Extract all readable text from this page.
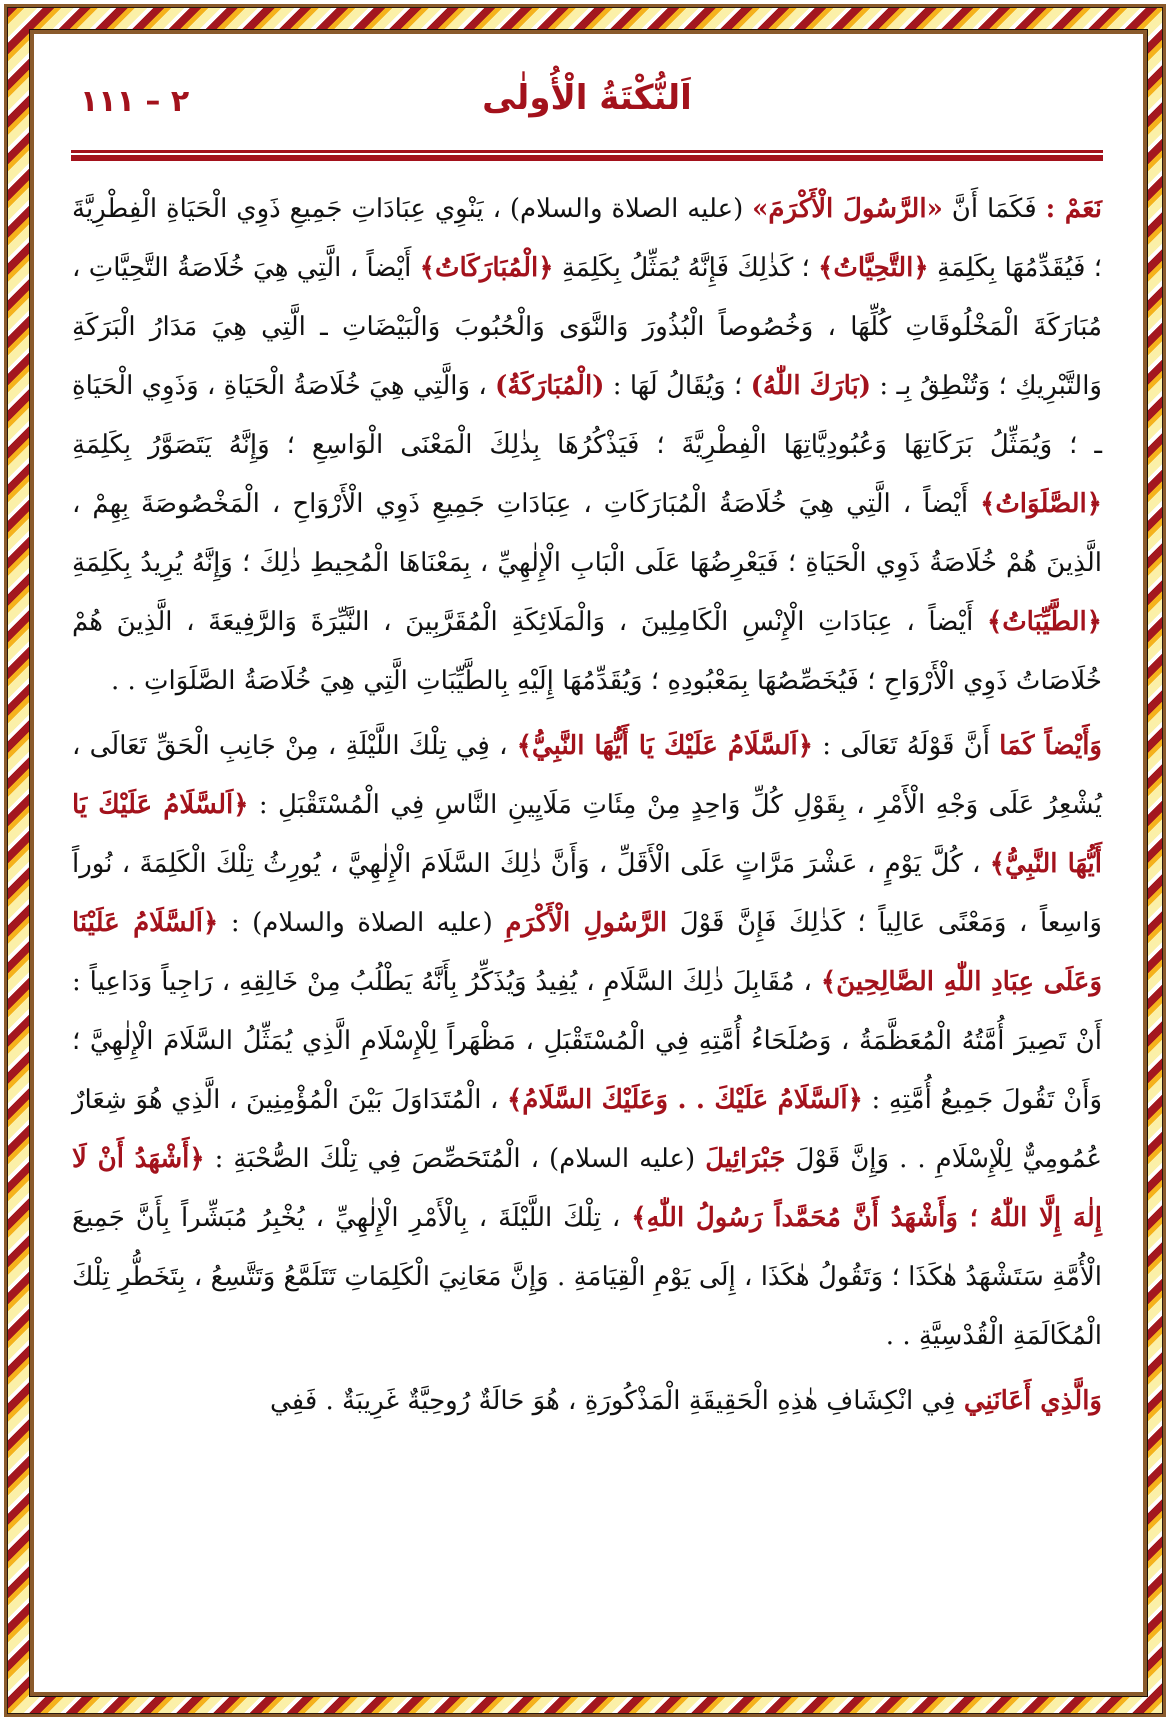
اَلنُّكْتَةُ الْأُولٰى
٢ – ١١١

نَعَمْ : فَكَمَا أَنَّ «الرَّسُولَ الْأَكْرَمَ» (عليه الصلاة والسلام) ، يَنْوِي عِبَادَاتِ جَمِيعِ ذَوِي الْحَيَاةِ الْفِطْرِيَّةَ ؛ فَيُقَدِّمُهَا بِكَلِمَةِ ﴿التَّحِيَّاتُ﴾ ؛ كَذٰلِكَ فَإِنَّهُ يُمَثِّلُ بِكَلِمَةِ ﴿الْمُبَارَكَاتُ﴾ أَيْضاً ، الَّتِي هِيَ خُلَاصَةُ التَّحِيَّاتِ ، مُبَارَكَةَ الْمَخْلُوقَاتِ كُلِّهَا ، وَخُصُوصاً الْبُذُورَ وَالنَّوَى وَالْحُبُوبَ وَالْبَيْضَاتِ ـ الَّتِي هِيَ مَدَارُ الْبَرَكَةِ وَالتَّبْرِيكِ ؛ وَتُنْطِقُ بِـ : (بَارَكَ اللّٰهُ) ؛ وَيُقَالُ لَهَا : (الْمُبَارَكَةُ) ، وَالَّتِي هِيَ خُلَاصَةُ الْحَيَاةِ ، وَذَوِي الْحَيَاةِ ـ ؛ وَيُمَثِّلُ بَرَكَاتِهَا وَعُبُودِيَّاتِهَا الْفِطْرِيَّةَ ؛ فَيَذْكُرُهَا بِذٰلِكَ الْمَعْنَى الْوَاسِعِ ؛ وَإِنَّهُ يَتَصَوَّرُ بِكَلِمَةِ ﴿الصَّلَوَاتُ﴾ أَيْضاً ، الَّتِي هِيَ خُلَاصَةُ الْمُبَارَكَاتِ ، عِبَادَاتِ جَمِيعِ ذَوِي الْأَرْوَاحِ ، الْمَخْصُوصَةَ بِهِمْ ، الَّذِينَ هُمْ خُلَاصَةُ ذَوِي الْحَيَاةِ ؛ فَيَعْرِضُهَا عَلَى الْبَابِ الْإِلٰهِيِّ ، بِمَعْنَاهَا الْمُحِيطِ ذٰلِكَ ؛ وَإِنَّهُ يُرِيدُ بِكَلِمَةِ ﴿الطَّيِّبَاتُ﴾ أَيْضاً ، عِبَادَاتِ الْإِنْسِ الْكَامِلِينَ ، وَالْمَلَائِكَةِ الْمُقَرَّبِينَ ، النَّيِّرَةَ وَالرَّفِيعَةَ ، الَّذِينَ هُمْ خُلَاصَاتُ ذَوِي الْأَرْوَاحِ ؛ فَيُخَصِّصُهَا بِمَعْبُودِهِ ؛ وَيُقَدِّمُهَا إِلَيْهِ بِالطَّيِّبَاتِ الَّتِي هِيَ خُلَاصَةُ الصَّلَوَاتِ . .

وَأَيْضاً كَمَا أَنَّ قَوْلَهُ تَعَالَى : ﴿اَلسَّلَامُ عَلَيْكَ يَا أَيُّهَا النَّبِيُّ﴾ ، فِي تِلْكَ اللَّيْلَةِ ، مِنْ جَانِبِ الْحَقِّ تَعَالَى ، يُشْعِرُ عَلَى وَجْهِ الْأَمْرِ ، بِقَوْلِ كُلِّ وَاحِدٍ مِنْ مِئَاتِ مَلَايِينِ النَّاسِ فِي الْمُسْتَقْبَلِ : ﴿اَلسَّلَامُ عَلَيْكَ يَا أَيُّهَا النَّبِيُّ﴾ ، كُلَّ يَوْمٍ ، عَشْرَ مَرَّاتٍ عَلَى الْأَقَلِّ ، وَأَنَّ ذٰلِكَ السَّلَامَ الْإِلٰهِيَّ ، يُورِثُ تِلْكَ الْكَلِمَةَ ، نُوراً وَاسِعاً ، وَمَعْنًى عَالِياً ؛ كَذٰلِكَ فَإِنَّ قَوْلَ الرَّسُولِ الْأَكْرَمِ (عليه الصلاة والسلام) : ﴿اَلسَّلَامُ عَلَيْنَا وَعَلَى عِبَادِ اللّٰهِ الصَّالِحِينَ﴾ ، مُقَابِلَ ذٰلِكَ السَّلَامِ ، يُفِيدُ وَيُذَكِّرُ بِأَنَّهُ يَطْلُبُ مِنْ خَالِقِهِ ، رَاجِياً وَدَاعِياً : أَنْ تَصِيرَ أُمَّتُهُ الْمُعَظَّمَةُ ، وَصُلَحَاءُ أُمَّتِهِ فِي الْمُسْتَقْبَلِ ، مَظْهَراً لِلْإِسْلَامِ الَّذِي يُمَثِّلُ السَّلَامَ الْإِلٰهِيَّ ؛ وَأَنْ تَقُولَ جَمِيعُ أُمَّتِهِ : ﴿اَلسَّلَامُ عَلَيْكَ . . وَعَلَيْكَ السَّلَامُ﴾ ، الْمُتَدَاوَلَ بَيْنَ الْمُؤْمِنِينَ ، الَّذِي هُوَ شِعَارٌ عُمُومِيٌّ لِلْإِسْلَامِ . . وَإِنَّ قَوْلَ جَبْرَائِيلَ (عليه السلام) ، الْمُتَحَصِّصَ فِي تِلْكَ الصُّحْبَةِ : ﴿أَشْهَدُ أَنْ لَا إِلٰهَ إِلَّا اللّٰهُ ؛ وَأَشْهَدُ أَنَّ مُحَمَّداً رَسُولُ اللّٰهِ﴾ ، تِلْكَ اللَّيْلَةَ ، بِالْأَمْرِ الْإِلٰهِيِّ ، يُخْبِرُ مُبَشِّراً بِأَنَّ جَمِيعَ الْأُمَّةِ سَتَشْهَدُ هٰكَذَا ؛ وَتَقُولُ هٰكَذَا ، إِلَى يَوْمِ الْقِيَامَةِ . وَإِنَّ مَعَانِيَ الْكَلِمَاتِ تَتَلَمَّعُ وَتَتَّسِعُ ، بِتَخَطُّرِ تِلْكَ الْمُكَالَمَةِ الْقُدْسِيَّةِ . .

وَالَّذِي أَعَانَنِي فِي انْكِشَافِ هٰذِهِ الْحَقِيقَةِ الْمَذْكُورَةِ ، هُوَ حَالَةٌ رُوحِيَّةٌ غَرِيبَةٌ . فَفِي
